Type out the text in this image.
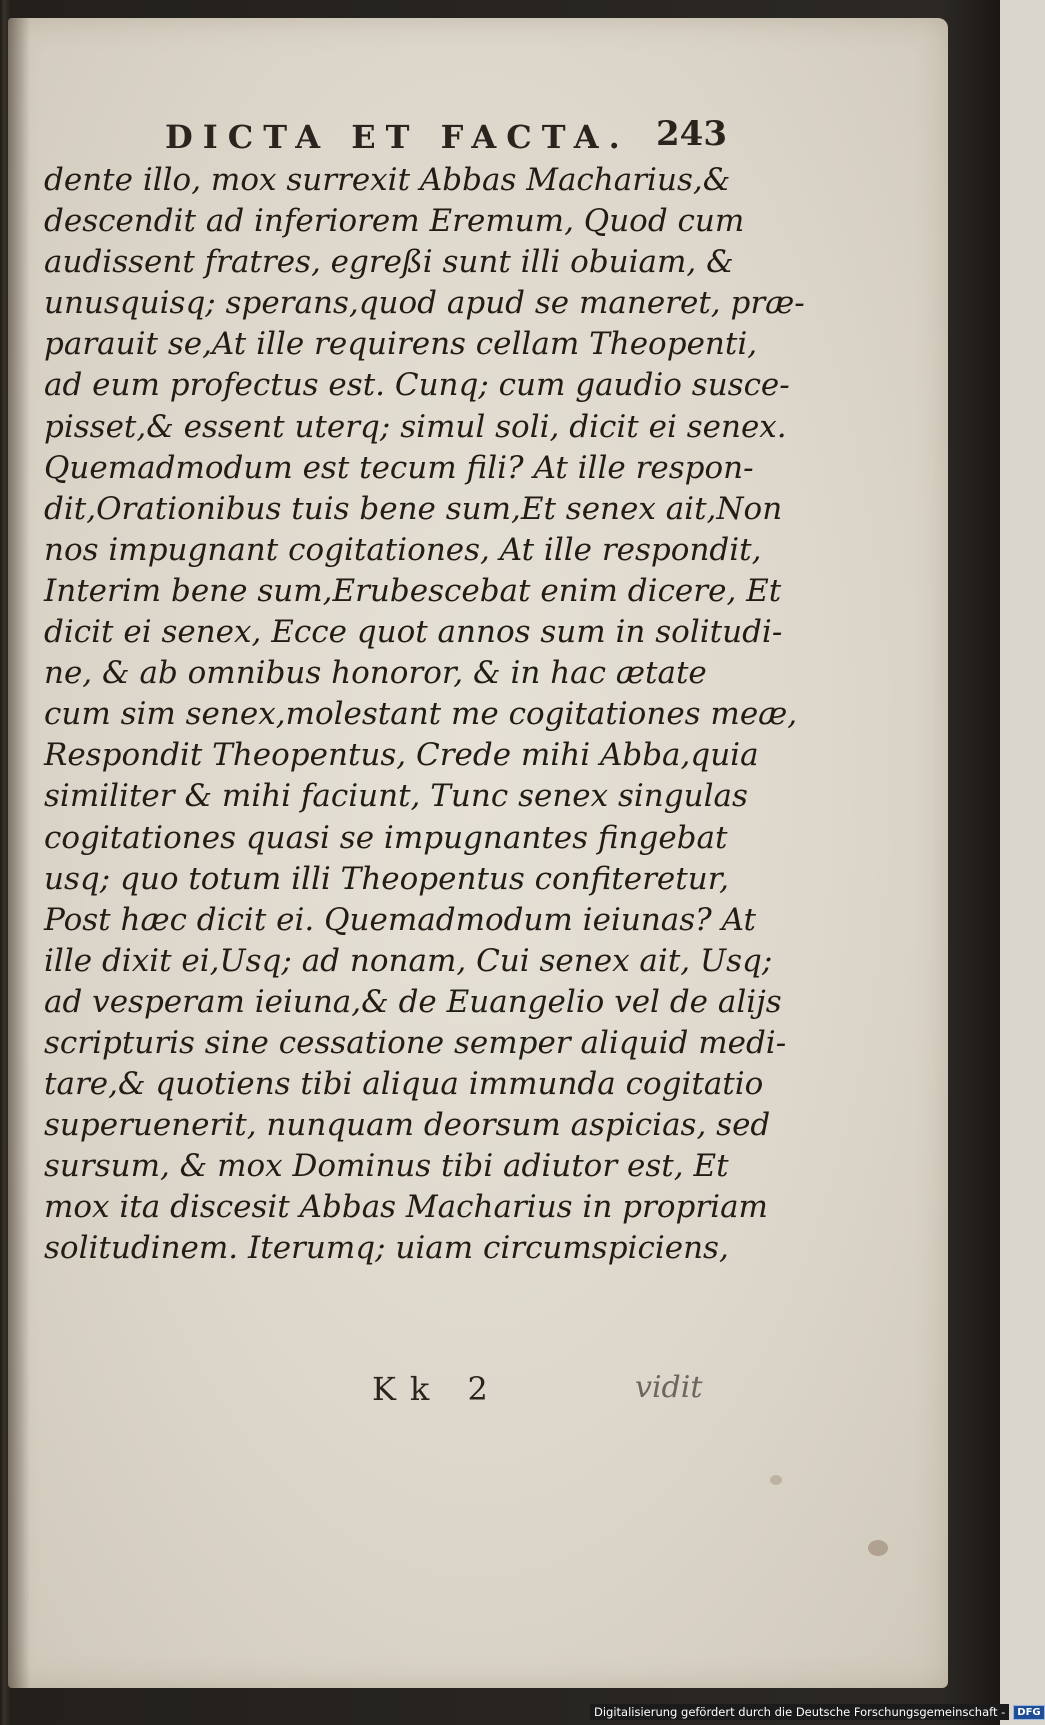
DICTA ET FACTA. 243
dente illo, mox surrexit Abbas Macharius,&
descendit ad inferiorem Eremum, Quod cum
audissent fratres, egreßi sunt illi obuiam, &
unusquisq; sperans,quod apud se maneret, præ-
parauit se,At ille requirens cellam Theopenti,
ad eum profectus est. Cunq; cum gaudio susce-
pisset,& essent uterq; simul soli, dicit ei senex.
Quemadmodum est tecum fili? At ille respon-
dit,Orationibus tuis bene sum,Et senex ait,Non
nos impugnant cogitationes, At ille respondit,
Interim bene sum,Erubescebat enim dicere, Et
dicit ei senex, Ecce quot annos sum in solitudi-
ne, & ab omnibus honoror, & in hac ætate
cum sim senex,molestant me cogitationes meæ,
Respondit Theopentus, Crede mihi Abba,quia
similiter & mihi faciunt, Tunc senex singulas
cogitationes quasi se impugnantes fingebat
usq; quo totum illi Theopentus confiteretur,
Post hæc dicit ei. Quemadmodum ieiunas? At
ille dixit ei,Usq; ad nonam, Cui senex ait, Usq;
ad vesperam ieiuna,& de Euangelio vel de alijs
scripturis sine cessatione semper aliquid medi-
tare,& quotiens tibi aliqua immunda cogitatio
superuenerit, nunquam deorsum aspicias, sed
sursum, & mox Dominus tibi adiutor est, Et
mox ita discesit Abbas Macharius in propriam
solitudinem. Iterumq; uiam circumspiciens,
Kk 2	vidit
Digitalisierung gefördert durch die Deutsche Forschungsgemeinschaft -	DFG
